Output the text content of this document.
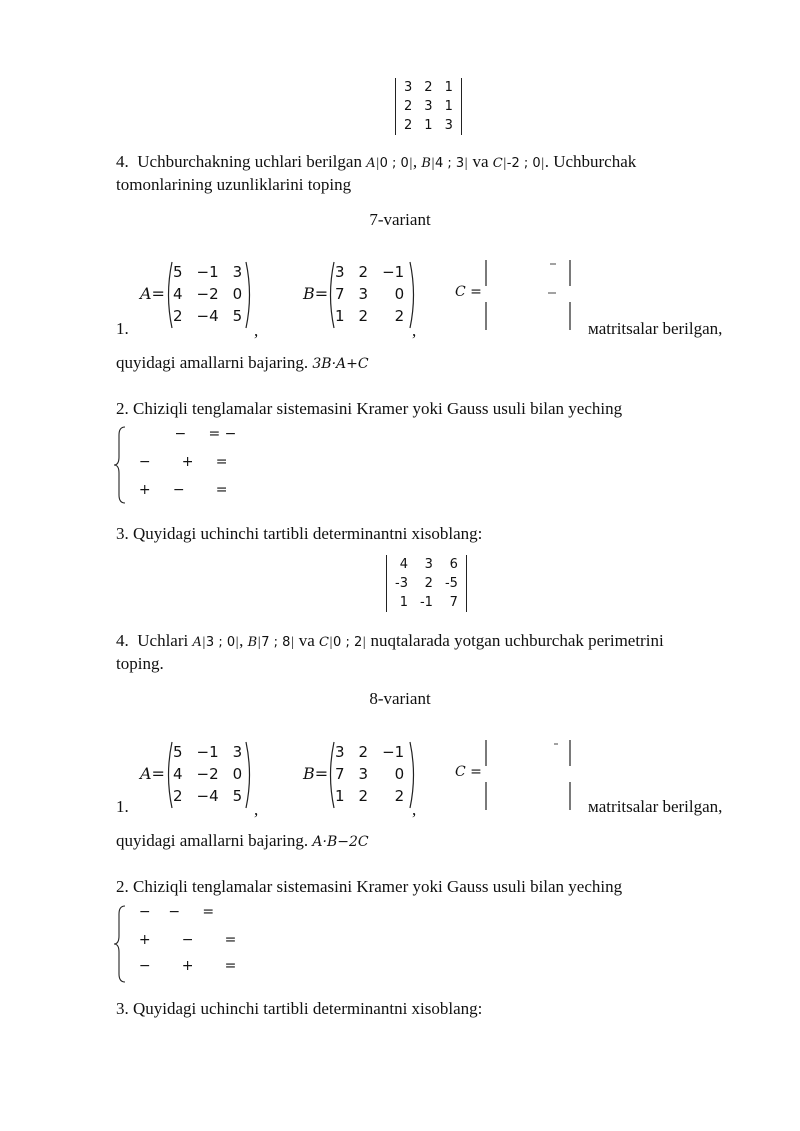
3	2	1
2	3	1
2	1	3
4. Uchburchakning uchlari berilgan A|0 ; 0|, B|4 ; 3| va C|-2 ; 0|. Uchburchak
tomonlarining uzunliklarini toping
7-variant
1.
A=
5	−1	3
4	−2	0
2	−4	5
,
B=
3	2	−1
7	3	0
1	2	2
,
C =
мatritsalar berilgan,
quyidagi amallarni bajaring. 3B·A+C
2. Chiziqli tenglamalar sistemasini Kramer yoki Gauss usuli bilan yeching
−     = −
−       +     =
+     −       =
3. Quyidagi uchinchi tartibli determinantni xisoblang:
4	3	6
-3	2	-5
1	-1	7
4. Uchlari A|3 ; 0|, B|7 ; 8| va C|0 ; 2| nuqtalarada yotgan uchburchak perimetrini
toping.
8-variant
1.
A=
5	−1	3
4	−2	0
2	−4	5
,
B=
3	2	−1
7	3	0
1	2	2
,
C =
мatritsalar berilgan,
quyidagi amallarni bajaring. A·B−2C
2. Chiziqli tenglamalar sistemasini Kramer yoki Gauss usuli bilan yeching
−    −     =
+       −       =
−       +       =
3. Quyidagi uchinchi tartibli determinantni xisoblang:
